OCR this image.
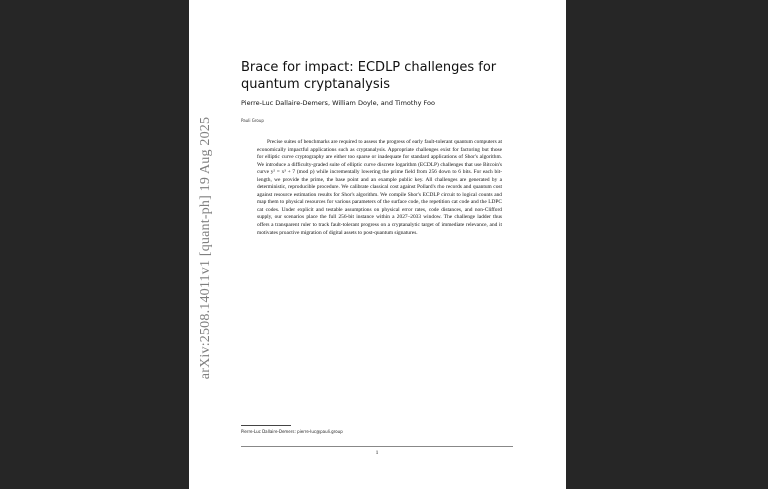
arXiv:2508.14011v1 [quant-ph] 19 Aug 2025
Brace for impact: ECDLP challenges for quantum cryptanalysis
Pierre-Luc Dallaire-Demers, William Doyle, and Timothy Foo
Pauli Group

Precise suites of benchmarks are required to assess the progress of early fault-tolerant quantum computers at economically impactful applications such as cryptanalysis. Appropriate challenges exist for factoring but those for elliptic curve cryptography are either too sparse or inadequate for standard applications of Shor's algorithm. We introduce a difficulty-graded suite of elliptic curve discrete logarithm (ECDLP) challenges that use Bitcoin's curve y² = x³ + 7 (mod p) while incrementally lowering the prime field from 256 down to 6 bits. For each bit-length, we provide the prime, the base point and an example public key. All challenges are generated by a deterministic, reproducible procedure. We calibrate classical cost against Pollard's rho records and quantum cost against resource estimation results for Shor's algorithm. We compile Shor's ECDLP circuit to logical counts and map them to physical resources for various parameters of the surface code, the repetition cat code and the LDPC cat codes. Under explicit and testable assumptions on physical error rates, code distances, and non-Clifford supply, our scenarios place the full 256-bit instance within a 2027–2033 window. The challenge ladder thus offers a transparent ruler to track fault-tolerant progress on a cryptanalytic target of immediate relevance, and it motivates proactive migration of digital assets to post-quantum signatures.

Pierre-Luc Dallaire-Demers: pierre-luc@pauli.group
1
